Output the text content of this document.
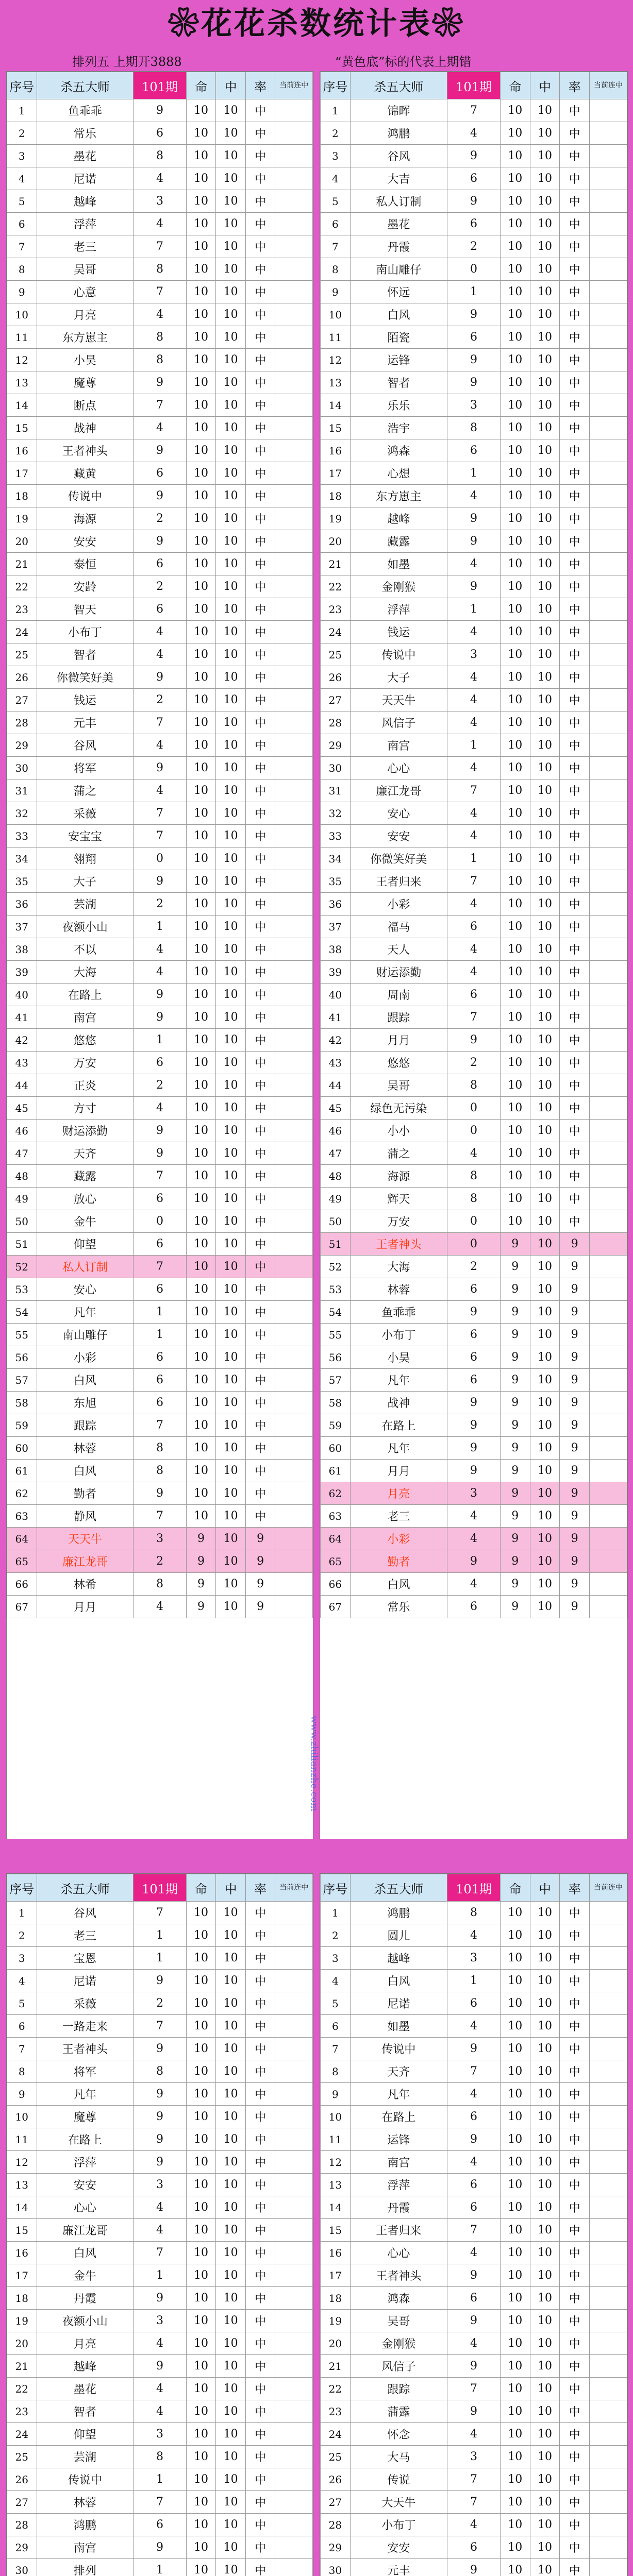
❀花花杀数统计表❀
排列五 上期开3888	“黄色底”标的代表上期错
序号	杀五大师	101期	命	中	率	当前连中
1	鱼乖乖	9	10	10	中	
2	常乐	6	10	10	中	
3	墨花	8	10	10	中	
4	尼诺	4	10	10	中	
5	越峰	3	10	10	中	
6	浮萍	4	10	10	中	
7	老三	7	10	10	中	
8	吴哥	8	10	10	中	
9	心意	7	10	10	中	
10	月亮	4	10	10	中	
11	东方崽主	8	10	10	中	
12	小昊	8	10	10	中	
13	魔尊	9	10	10	中	
14	断点	7	10	10	中	
15	战神	4	10	10	中	
16	王者神头	9	10	10	中	
17	藏黄	6	10	10	中	
18	传说中	9	10	10	中	
19	海源	2	10	10	中	
20	安安	9	10	10	中	
21	泰恒	6	10	10	中	
22	安龄	2	10	10	中	
23	智天	6	10	10	中	
24	小布丁	4	10	10	中	
25	智者	4	10	10	中	
26	你微笑好美	9	10	10	中	
27	钱运	2	10	10	中	
28	元丰	7	10	10	中	
29	谷风	4	10	10	中	
30	将军	9	10	10	中	
31	蒲之	4	10	10	中	
32	采薇	7	10	10	中	
33	安宝宝	7	10	10	中	
34	翎翔	0	10	10	中	
35	大子	9	10	10	中	
36	芸湖	2	10	10	中	
37	夜额小山	1	10	10	中	
38	不以	4	10	10	中	
39	大海	4	10	10	中	
40	在路上	9	10	10	中	
41	南宫	9	10	10	中	
42	悠悠	1	10	10	中	
43	万安	6	10	10	中	
44	正炎	2	10	10	中	
45	方寸	4	10	10	中	
46	财运添勤	9	10	10	中	
47	天齐	9	10	10	中	
48	藏露	7	10	10	中	
49	放心	6	10	10	中	
50	金牛	0	10	10	中	
51	仰望	6	10	10	中	
52	私人订制	7	10	10	中	
53	安心	6	10	10	中	
54	凡年	1	10	10	中	
55	南山雕仔	1	10	10	中	
56	小彩	6	10	10	中	
57	白风	6	10	10	中	
58	东旭	6	10	10	中	
59	跟踪	7	10	10	中	
60	林蓉	8	10	10	中	
61	白风	8	10	10	中	
62	勤者	9	10	10	中	
63	静风	7	10	10	中	
64	天天牛	3	9	10	9	
65	廉江龙哥	2	9	10	9	
66	林希	8	9	10	9	
67	月月	4	9	10	9	
序号	杀五大师	101期	命	中	率	当前连中
1	锦晖	7	10	10	中	
2	鸿鹏	4	10	10	中	
3	谷风	9	10	10	中	
4	大吉	6	10	10	中	
5	私人订制	9	10	10	中	
6	墨花	6	10	10	中	
7	丹霞	2	10	10	中	
8	南山雕仔	0	10	10	中	
9	怀远	1	10	10	中	
10	白风	9	10	10	中	
11	陌瓷	6	10	10	中	
12	运锋	9	10	10	中	
13	智者	9	10	10	中	
14	乐乐	3	10	10	中	
15	浩宇	8	10	10	中	
16	鸿森	6	10	10	中	
17	心想	1	10	10	中	
18	东方崽主	4	10	10	中	
19	越峰	9	10	10	中	
20	藏露	9	10	10	中	
21	如墨	4	10	10	中	
22	金刚猴	9	10	10	中	
23	浮萍	1	10	10	中	
24	钱运	4	10	10	中	
25	传说中	3	10	10	中	
26	大子	4	10	10	中	
27	天天牛	4	10	10	中	
28	风信子	4	10	10	中	
29	南宫	1	10	10	中	
30	心心	4	10	10	中	
31	廉江龙哥	7	10	10	中	
32	安心	4	10	10	中	
33	安安	4	10	10	中	
34	你微笑好美	1	10	10	中	
35	王者归来	7	10	10	中	
36	小彩	4	10	10	中	
37	福马	6	10	10	中	
38	天人	4	10	10	中	
39	财运添勤	4	10	10	中	
40	周南	6	10	10	中	
41	跟踪	7	10	10	中	
42	月月	9	10	10	中	
43	悠悠	2	10	10	中	
44	吴哥	8	10	10	中	
45	绿色无污染	0	10	10	中	
46	小小	0	10	10	中	
47	蒲之	4	10	10	中	
48	海源	8	10	10	中	
49	辉天	8	10	10	中	
50	万安	0	10	10	中	
51	王者神头	0	9	10	9	
52	大海	2	9	10	9	
53	林蓉	6	9	10	9	
54	鱼乖乖	9	9	10	9	
55	小布丁	6	9	10	9	
56	小昊	6	9	10	9	
57	凡年	6	9	10	9	
58	战神	9	9	10	9	
59	在路上	9	9	10	9	
60	凡年	9	9	10	9	
61	月月	9	9	10	9	
62	月亮	3	9	10	9	
63	老三	4	9	10	9	
64	小彩	4	9	10	9	
65	勤者	9	9	10	9	
66	白风	4	9	10	9	
67	常乐	6	9	10	9	
序号	杀五大师	101期	命	中	率	当前连中
1	谷风	7	10	10	中	
2	老三	1	10	10	中	
3	宝恩	1	10	10	中	
4	尼诺	9	10	10	中	
5	采薇	2	10	10	中	
6	一路走来	7	10	10	中	
7	王者神头	9	10	10	中	
8	将军	8	10	10	中	
9	凡年	9	10	10	中	
10	魔尊	9	10	10	中	
11	在路上	9	10	10	中	
12	浮萍	9	10	10	中	
13	安安	3	10	10	中	
14	心心	4	10	10	中	
15	廉江龙哥	4	10	10	中	
16	白风	7	10	10	中	
17	金牛	1	10	10	中	
18	丹霞	9	10	10	中	
19	夜额小山	3	10	10	中	
20	月亮	4	10	10	中	
21	越峰	9	10	10	中	
22	墨花	4	10	10	中	
23	智者	4	10	10	中	
24	仰望	3	10	10	中	
25	芸湖	8	10	10	中	
26	传说中	1	10	10	中	
27	林蓉	7	10	10	中	
28	鸿鹏	6	10	10	中	
29	南宫	9	10	10	中	
30	排列	1	10	10	中	

序号	杀五大师	101期	命	中	率	当前连中
1	鸿鹏	8	10	10	中	
2	圆儿	4	10	10	中	
3	越峰	3	10	10	中	
4	白风	1	10	10	中	
5	尼诺	6	10	10	中	
6	如墨	4	10	10	中	
7	传说中	9	10	10	中	
8	天齐	7	10	10	中	
9	凡年	4	10	10	中	
10	在路上	6	10	10	中	
11	运锋	9	10	10	中	
12	南宫	4	10	10	中	
13	浮萍	6	10	10	中	
14	丹霞	6	10	10	中	
15	王者归来	7	10	10	中	
16	心心	4	10	10	中	
17	王者神头	9	10	10	中	
18	鸿森	6	10	10	中	
19	吴哥	9	10	10	中	
20	金刚猴	4	10	10	中	
21	风信子	9	10	10	中	
22	跟踪	7	10	10	中	
23	蒲露	9	10	10	中	
24	怀念	4	10	10	中	
25	大马	3	10	10	中	
26	传说	7	10	10	中	
27	大天牛	7	10	10	中	
28	小布丁	4	10	10	中	
29	安安	6	10	10	中	
30	元丰	9	10	10	中	

www.zhilianzhe.com
